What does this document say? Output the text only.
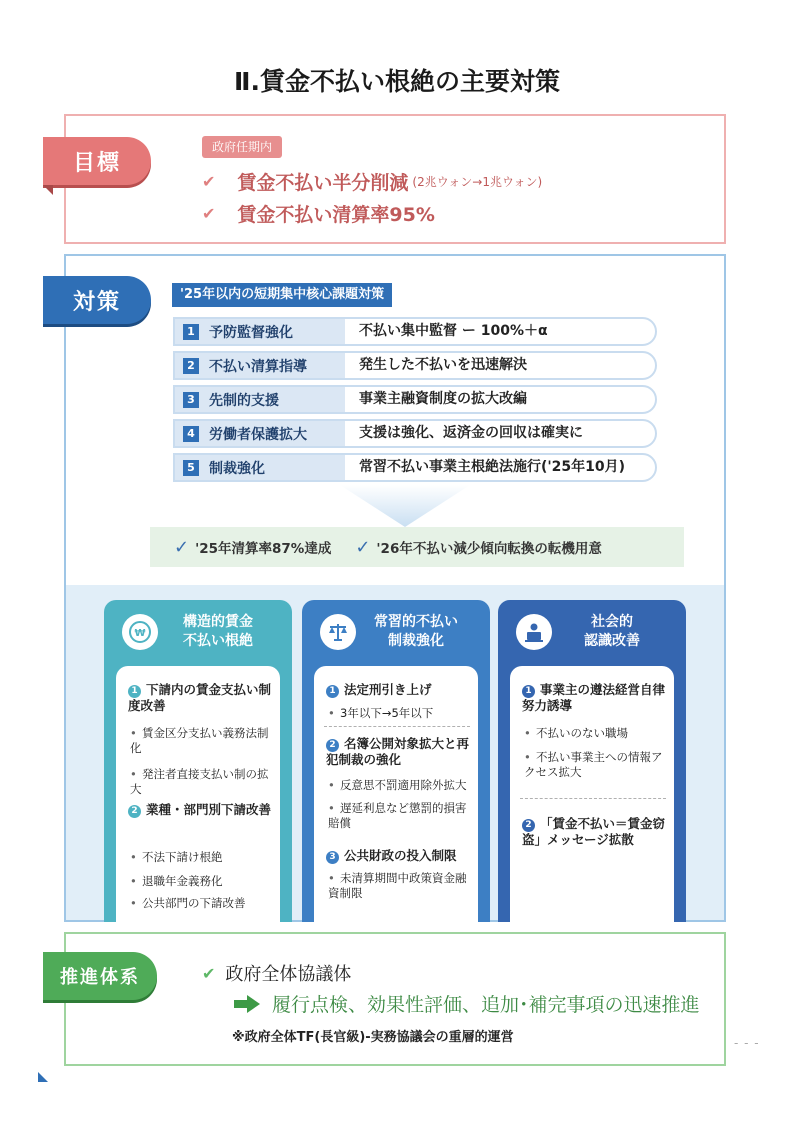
Ⅱ.賃金不払い根絶の主要対策
目標
政府任期内
✔ 賃金不払い半分削減 (2兆ウォン→1兆ウォン)
✔ 賃金不払い清算率95%
対策	'25年以内の短期集中核心課題対策
1 予防監督強化	不払い集中監督 ー 100%＋α
2 不払い清算指導	発生した不払いを迅速解決
3 先制的支援	事業主融資制度の拡大改編
4 労働者保護拡大	支援は強化、返済金の回収は確実に
5 制裁強化	常習不払い事業主根絶法施行('25年10月)
✓ '25年清算率87%達成 ✓ '26年不払い減少傾向転換の転機用意
₩
構造的賃金
不払い根絶
1 下請内の賃金支払い制度改善
• 賃金区分支払い義務法制化
• 発注者直接支払い制の拡大
2 業種・部門別下請改善
• 不法下請け根絶
• 退職年金義務化
• 公共部門の下請改善
常習的不払い
制裁強化
1 法定刑引き上げ
• 3年以下→5年以下
2 名簿公開対象拡大と再犯制裁の強化
• 反意思不罰適用除外拡大
• 遅延利息など懲罰的損害賠償
3 公共財政の投入制限
• 未清算期間中政策資金融資制限
社会的
認識改善
1 事業主の遵法経営自律努力誘導
• 不払いのない職場
• 不払い事業主への情報アクセス拡大
2 「賃金不払い＝賃金窃盗」メッセージ拡散
推進体系	✔ 政府全体協議体
履行点検、効果性評価、追加･補完事項の迅速推進
※政府全体TF(長官級)-実務協議会の重層的運営	- - -
